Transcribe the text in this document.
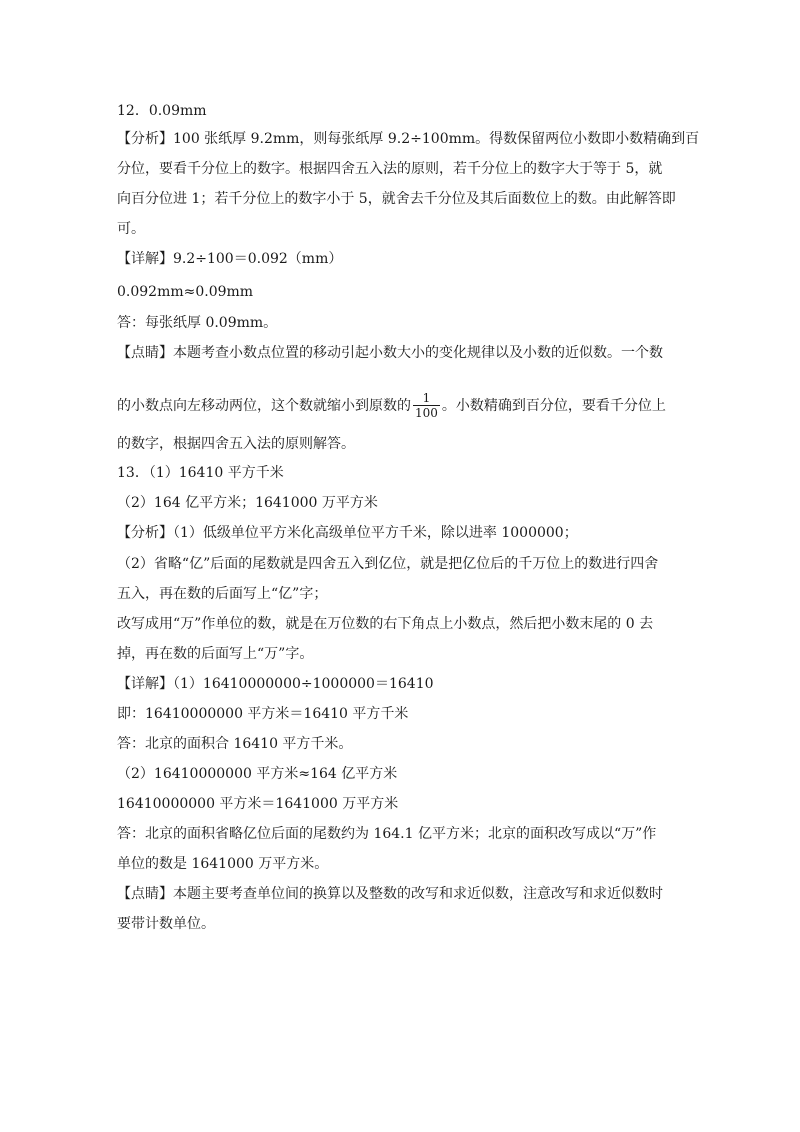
12．0.09mm
【分析】100 张纸厚 9.2mm，则每张纸厚 9.2÷100mm。得数保留两位小数即小数精确到百
分位，要看千分位上的数字。根据四舍五入法的原则，若千分位上的数字大于等于 5，就
向百分位进 1；若千分位上的数字小于 5，就舍去千分位及其后面数位上的数。由此解答即
可。
【详解】9.2÷100＝0.092（mm）
0.092mm≈0.09mm
答：每张纸厚 0.09mm。
【点睛】本题考查小数点位置的移动引起小数大小的变化规律以及小数的近似数。一个数
的小数点向左移动两位，这个数就缩小到原数的 $\frac{1}{100}$ 。小数精确到百分位，要看千分位上
的数字，根据四舍五入法的原则解答。
13．（1）16410 平方千米
（2）164 亿平方米；1641000 万平方米
【分析】（1）低级单位平方米化高级单位平方千米，除以进率 1000000；
（2）省略“亿”后面的尾数就是四舍五入到亿位，就是把亿位后的千万位上的数进行四舍
五入，再在数的后面写上“亿”字；
改写成用“万”作单位的数，就是在万位数的右下角点上小数点，然后把小数末尾的 0 去
掉，再在数的后面写上“万”字。
【详解】（1）16410000000÷1000000＝16410
即：16410000000 平方米＝16410 平方千米
答：北京的面积合 16410 平方千米。
（2）16410000000 平方米≈164 亿平方米
16410000000 平方米＝1641000 万平方米
答：北京的面积省略亿位后面的尾数约为 164.1 亿平方米；北京的面积改写成以“万”作
单位的数是 1641000 万平方米。
【点睛】本题主要考查单位间的换算以及整数的改写和求近似数，注意改写和求近似数时
要带计数单位。
